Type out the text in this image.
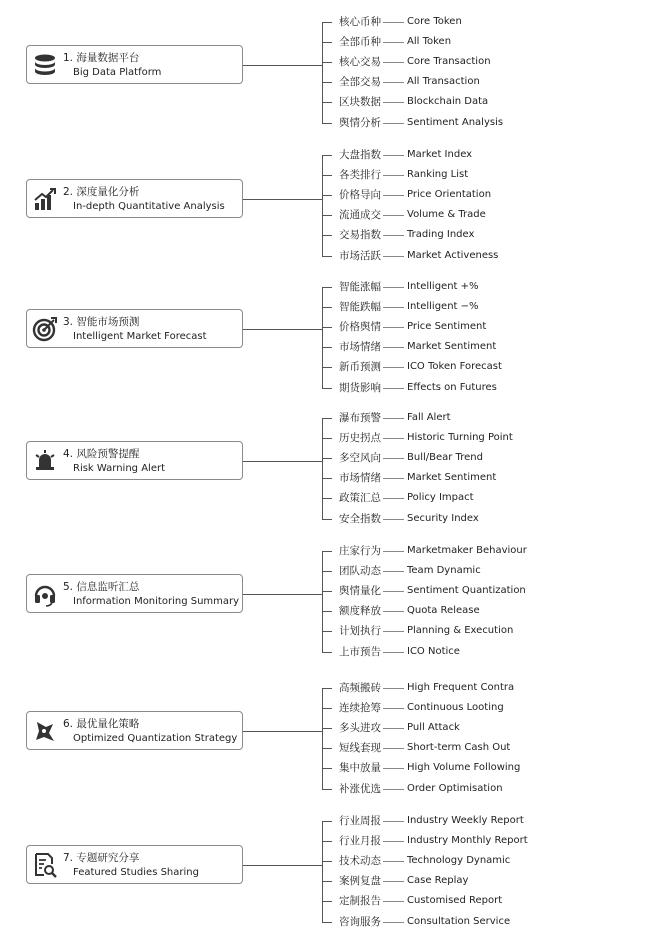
1. 海量数据平台
Big Data Platform
核心币种	Core Token
全部币种	All Token
核心交易	Core Transaction
全部交易	All Transaction
区块数据	Blockchain Data
舆情分析	Sentiment Analysis
2. 深度量化分析
In-depth Quantitative Analysis
大盘指数	Market Index
各类排行	Ranking List
价格导向	Price Orientation
流通成交	Volume & Trade
交易指数	Trading Index
市场活跃	Market Activeness
3. 智能市场预测
Intelligent Market Forecast
智能涨幅	Intelligent +%
智能跌幅	Intelligent −%
价格舆情	Price Sentiment
市场情绪	Market Sentiment
新币预测	ICO Token Forecast
期货影响	Effects on Futures
4. 风险预警提醒
Risk Warning Alert
瀑布预警	Fall Alert
历史拐点	Historic Turning Point
多空风向	Bull/Bear Trend
市场情绪	Market Sentiment
政策汇总	Policy Impact
安全指数	Security Index
5. 信息监听汇总
Information Monitoring Summary
庄家行为	Marketmaker Behaviour
团队动态	Team Dynamic
舆情量化	Sentiment Quantization
额度释放	Quota Release
计划执行	Planning & Execution
上市预告	ICO Notice
6. 最优量化策略
Optimized Quantization Strategy
高频搬砖	High Frequent Contra
连续抢筹	Continuous Looting
多头进攻	Pull Attack
短线套现	Short-term Cash Out
集中放量	High Volume Following
补涨优选	Order Optimisation
7. 专题研究分享
Featured Studies Sharing
行业周报	Industry Weekly Report
行业月报	Industry Monthly Report
技术动态	Technology Dynamic
案例复盘	Case Replay
定制报告	Customised Report
咨询服务	Consultation Service
